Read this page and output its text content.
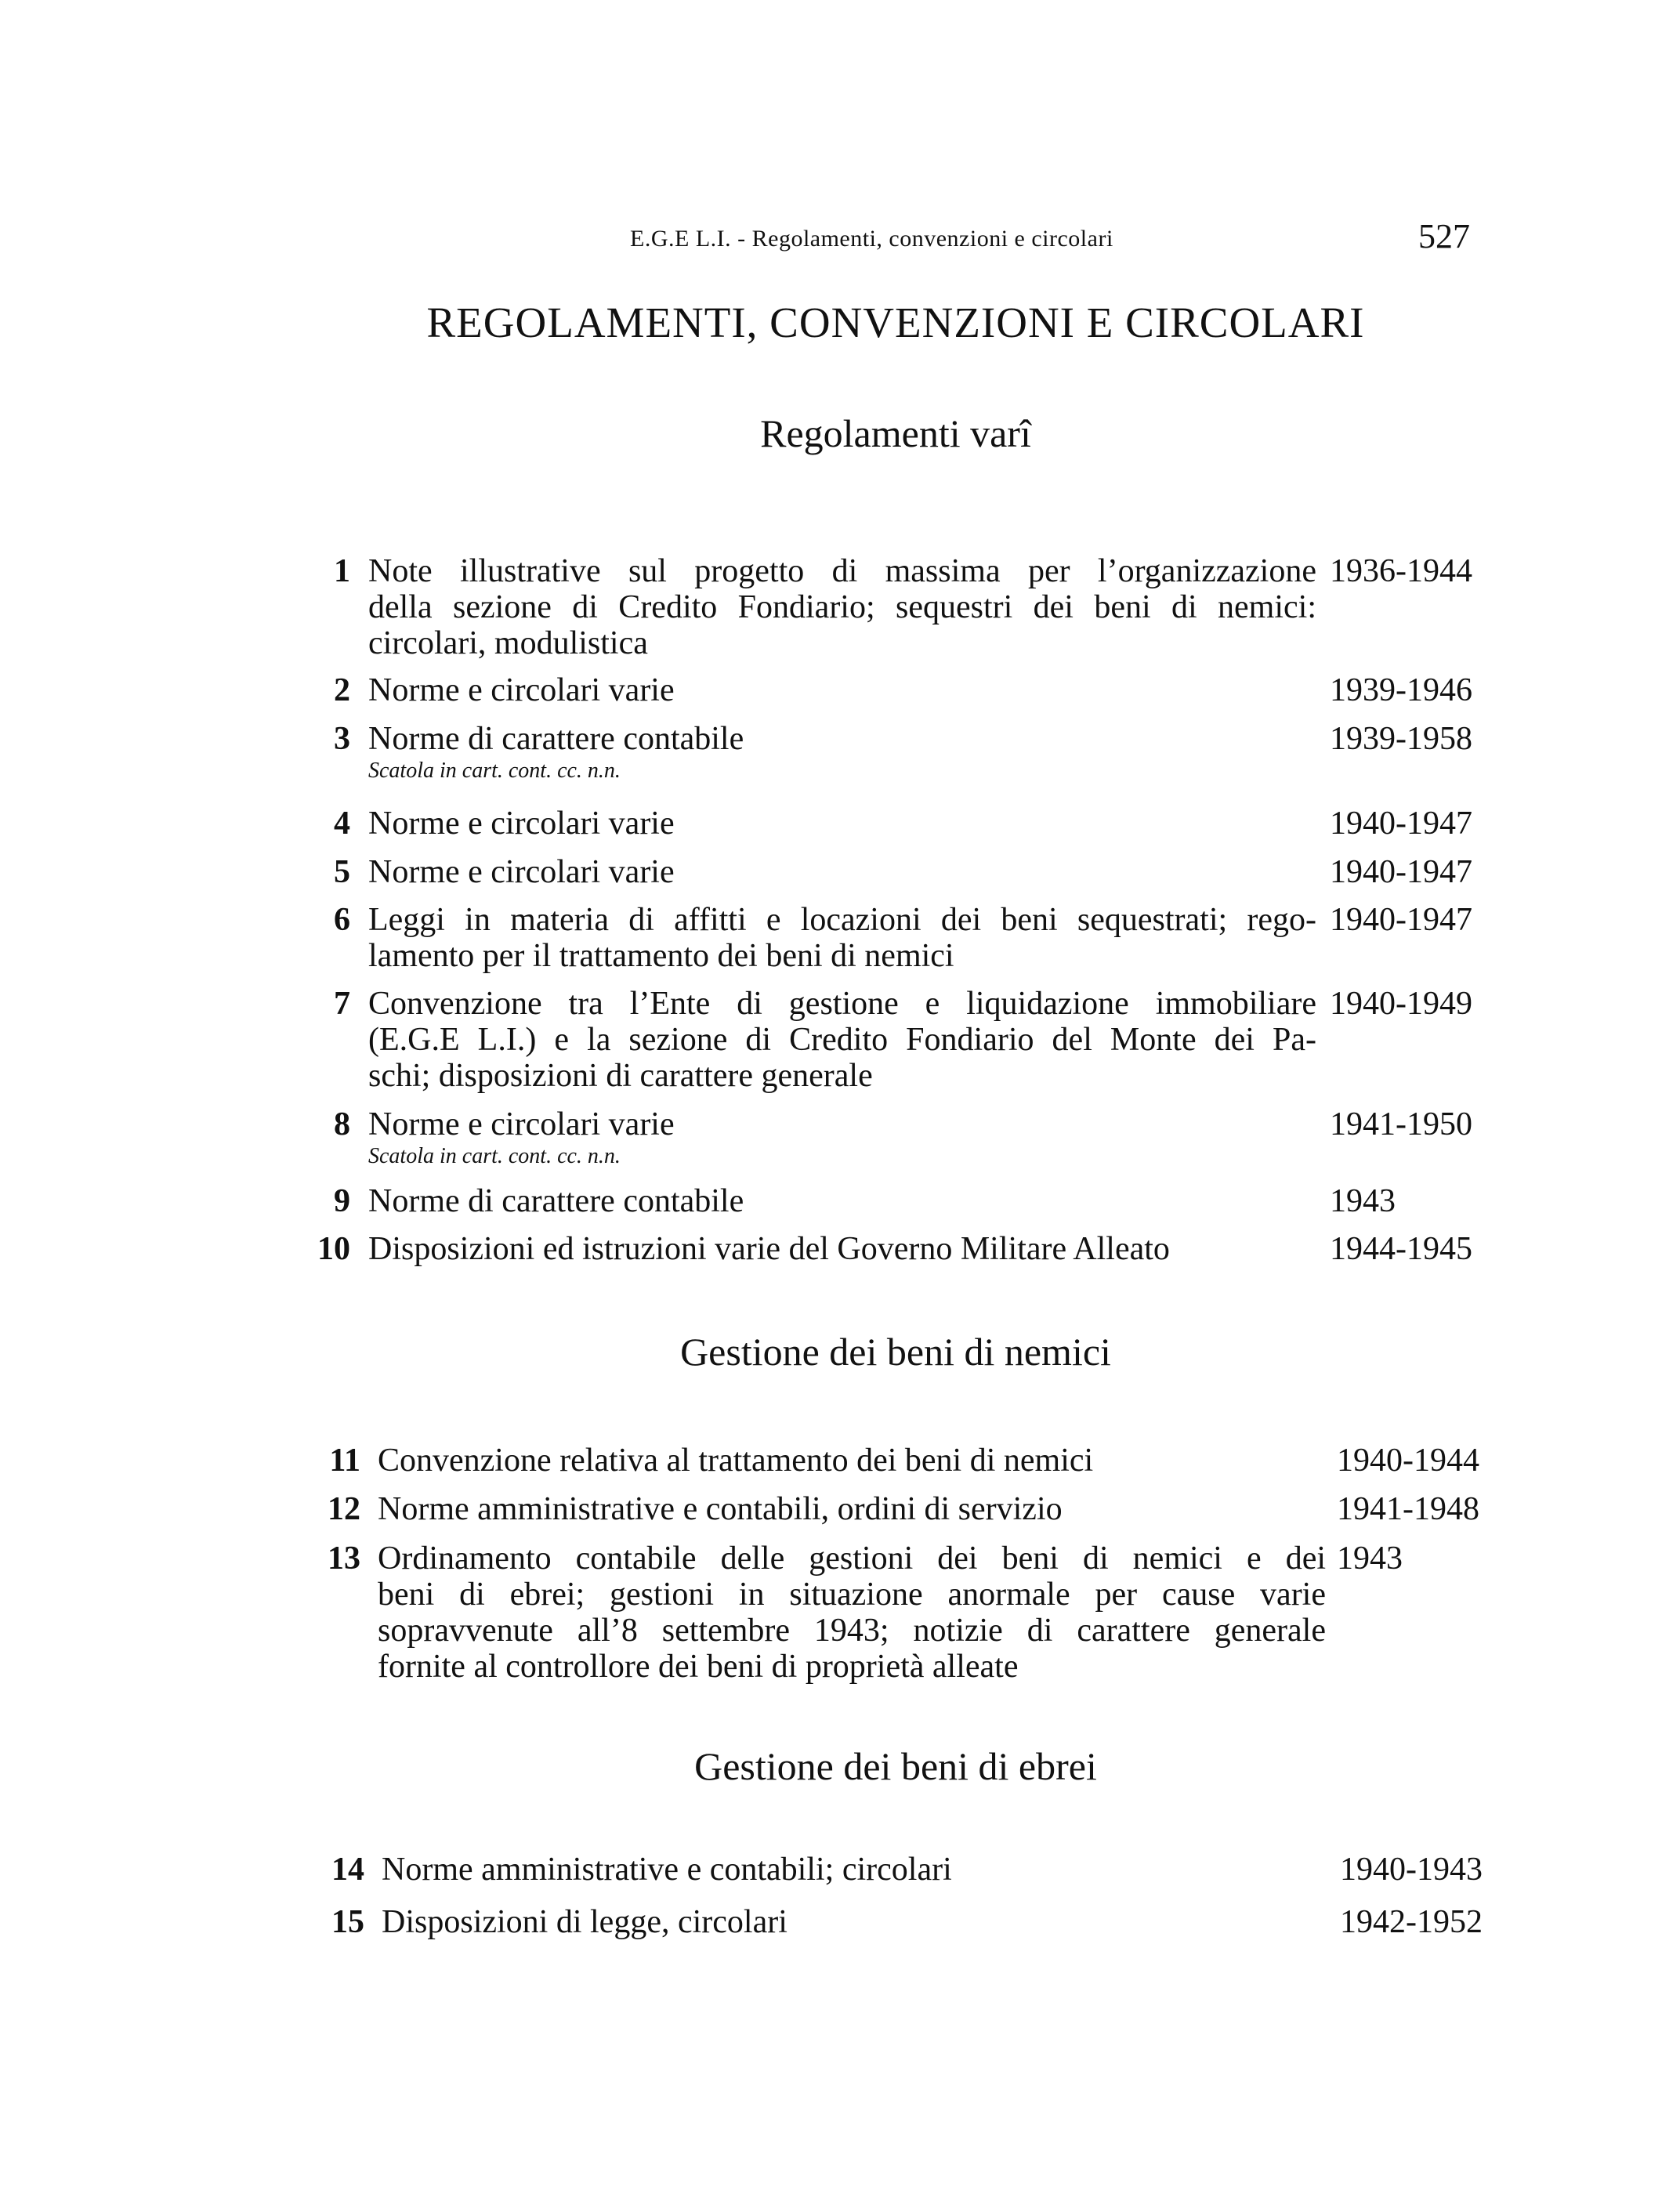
E.G.E L.I. - Regolamenti, convenzioni e circolari	527
REGOLAMENTI, CONVENZIONI E CIRCOLARI
Regolamenti varî
1 Note illustrative sul progetto di massima per l’organizzazione
della sezione di Credito Fondiario; sequestri dei beni di nemici:
circolari, modulistica
1936-1944
2 Norme e circolari varie	1939-1946
3 Norme di carattere contabile
Scatola in cart. cont. cc. n.n.
1939-1958
4 Norme e circolari varie	1940-1947
5 Norme e circolari varie	1940-1947
6 Leggi in materia di affitti e locazioni dei beni sequestrati; rego-
lamento per il trattamento dei beni di nemici
1940-1947
7 Convenzione tra l’Ente di gestione e liquidazione immobiliare
(E.G.E L.I.) e la sezione di Credito Fondiario del Monte dei Pa-
schi; disposizioni di carattere generale
1940-1949
8 Norme e circolari varie
Scatola in cart. cont. cc. n.n.
1941-1950
9 Norme di carattere contabile	1943
10 Disposizioni ed istruzioni varie del Governo Militare Alleato	1944-1945
Gestione dei beni di nemici
11 Convenzione relativa al trattamento dei beni di nemici	1940-1944
12 Norme amministrative e contabili, ordini di servizio	1941-1948
13 Ordinamento contabile delle gestioni dei beni di nemici e dei
beni di ebrei; gestioni in situazione anormale per cause varie
sopravvenute all’8 settembre 1943; notizie di carattere generale
fornite al controllore dei beni di proprietà alleate
1943
Gestione dei beni di ebrei
14 Norme amministrative e contabili; circolari	1940-1943
15 Disposizioni di legge, circolari	1942-1952
